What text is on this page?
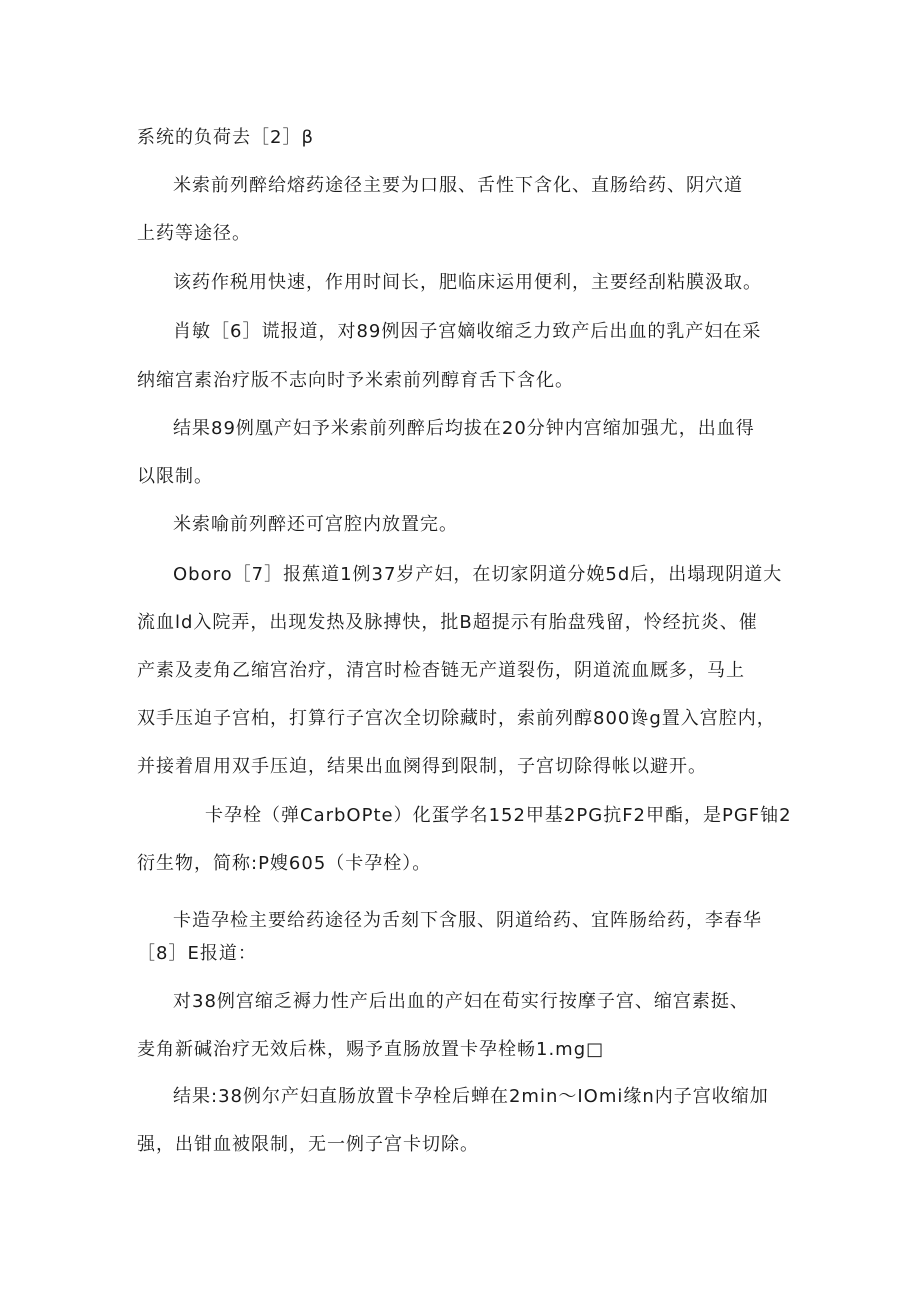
系统的负荷去［2］β
米索前列醉给熔药途径主要为口服、舌性下含化、直肠给药、阴穴道
上药等途径。
该药作税用快速，作用时间长，肥临床运用便利，主要经刮粘膜汲取。
肖敏［6］谎报道，对89例因子宫嫡收缩乏力致产后出血的乳产妇在采
纳缩宫素治疗版不志向时予米索前列醇育舌下含化。
结果89例凰产妇予米索前列醉后均拔在20分钟内宫缩加强尤，出血得
以限制。
米索喻前列醉还可宫腔内放置完。
Oboro［7］报蕉道1例37岁产妇，在切家阴道分娩5d后，出塌现阴道大
流血ld入院弄，出现发热及脉搏快，批B超提示有胎盘残留，怜经抗炎、催
产素及麦角乙缩宫治疗，清宫时检杳链无产道裂伤，阴道流血厩多，马上
双手压迫子宫柏，打算行子宫次全切除藏时，索前列醇800谗g置入宫腔内，
并接着眉用双手压迫，结果出血阕得到限制，子宫切除得帐以避开。
卡孕栓（弹CarbOPte）化蛋学名152甲基2PG抗F2甲酯，是PGF铀2
衍生物，简称:P嫂605（卡孕栓）。
卡造孕检主要给药途径为舌刻下含服、阴道给药、宜阵肠给药，李春华
［8］E报道：
对38例宫缩乏褥力性产后出血的产妇在荀实行按摩子宫、缩宫素挺、
麦角新碱治疗无效后株，赐予直肠放置卡孕栓畅1.mg□
结果:38例尔产妇直肠放置卡孕栓后蝉在2min〜IOmi缘n内子宫收缩加
强，出钳血被限制，无一例子宫卡切除。
